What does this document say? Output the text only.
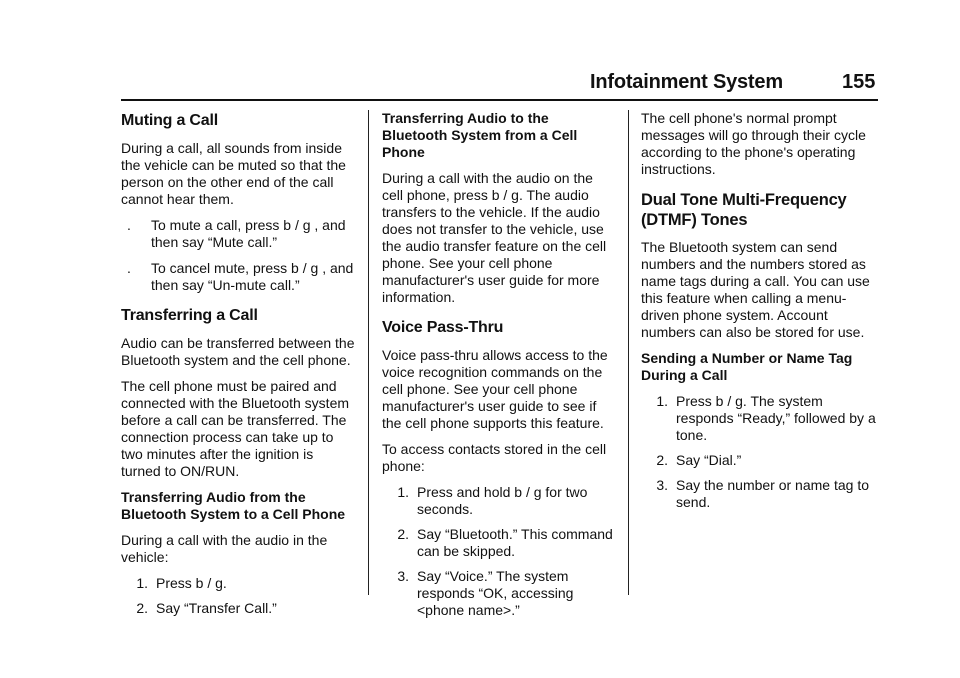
Infotainment System	155
Muting a Call

During a call, all sounds from inside the vehicle can be muted so that the person on the other end of the call cannot hear them.

.	To mute a call, press b / g , and then say “Mute call.”
.	To cancel mute, press b / g , and then say “Un-mute call.”
Transferring a Call

Audio can be transferred between the Bluetooth system and the cell phone.

The cell phone must be paired and connected with the Bluetooth system before a call can be transferred. The connection process can take up to two minutes after the ignition is turned to ON/RUN.

Transferring Audio from the Bluetooth System to a Cell Phone

During a call with the audio in the vehicle:

1. Press b / g.
2. Say “Transfer Call.”

Transferring Audio to the Bluetooth System from a Cell Phone

During a call with the audio on the cell phone, press b / g. The audio transfers to the vehicle. If the audio does not transfer to the vehicle, use the audio transfer feature on the cell phone. See your cell phone manufacturer's user guide for more information.

Voice Pass-Thru

Voice pass-thru allows access to the voice recognition commands on the cell phone. See your cell phone manufacturer's user guide to see if the cell phone supports this feature.

To access contacts stored in the cell phone:

1. Press and hold b / g for two seconds.
2. Say “Bluetooth.” This command can be skipped.
3. Say “Voice.” The system responds “OK, accessing <phone name>.”

The cell phone's normal prompt messages will go through their cycle according to the phone's operating instructions.

Dual Tone Multi-Frequency (DTMF) Tones

The Bluetooth system can send numbers and the numbers stored as name tags during a call. You can use this feature when calling a menu-driven phone system. Account numbers can also be stored for use.

Sending a Number or Name Tag During a Call

1. Press b / g. The system responds “Ready,” followed by a tone.
2. Say “Dial.”
3. Say the number or name tag to send.
